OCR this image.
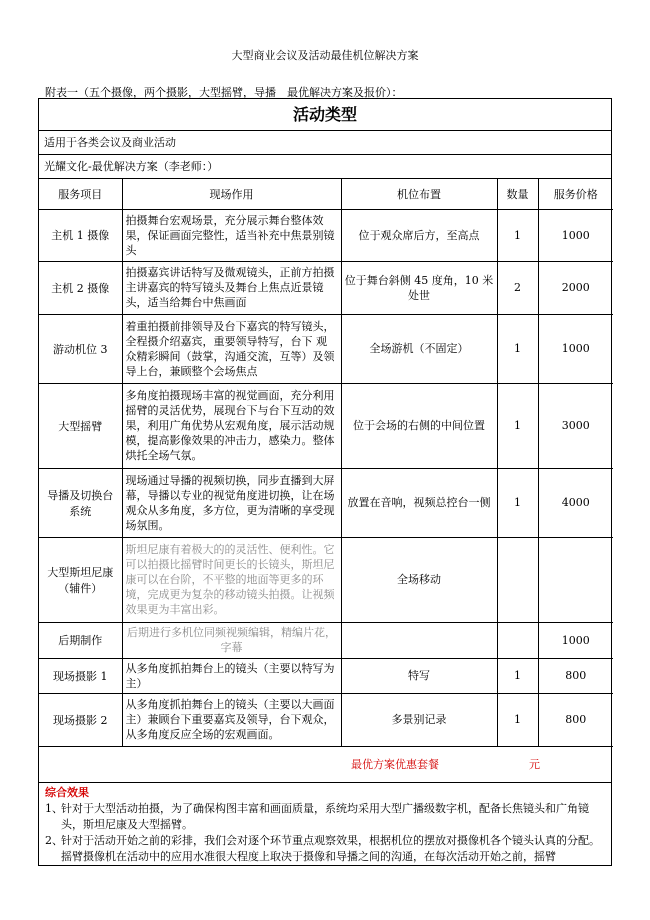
大型商业会议及活动最佳机位解决方案
附表一（五个摄像，两个摄影，大型摇臂，导播　最优解决方案及报价）：
活动类型
适用于各类会议及商业活动
光耀文化-最优解决方案（李老师：）
服务项目	现场作用	机位布置	数量	服务价格
主机 1 摄像	拍摄舞台宏观场景，充分展示舞台整体效果，保证画面完整性，适当补充中焦景别镜头	位于观众席后方，至高点	1	1000
主机 2 摄像	拍摄嘉宾讲话特写及微观镜头，正前方拍摄主讲嘉宾的特写镜头及舞台上焦点近景镜头，适当给舞台中焦画面	位于舞台斜侧 45 度角，10 米处世	2	2000
游动机位 3	着重拍摄前排领导及台下嘉宾的特写镜头，全程摄介绍嘉宾，重要领导特写，台下 观众精彩瞬间（鼓掌，沟通交流，互等）及领导上台，兼顾整个会场焦点	全场游机（不固定）	1	1000
大型摇臂	多角度拍摄现场丰富的视觉画面，充分利用摇臂的灵活优势，展现台下与台下互动的效果，利用广角优势从宏观角度，展示活动规模，提高影像效果的冲击力，感染力。整体烘托全场气氛。	位于会场的右侧的中间位置	1	3000
导播及切换台系统	现场通过导播的视频切换，同步直播到大屏幕，导播以专业的视觉角度进切换，让在场观众从多角度，多方位，更为清晰的享受现场氛围。	放置在音响，视频总控台一侧	1	4000
大型斯坦尼康（辅件）	斯坦尼康有着极大的的灵活性、便利性。它可以拍摄比摇臂时间更长的长镜头，斯坦尼康可以在台阶，不平整的地面等更多的环境，完成更为复杂的移动镜头拍摄。让视频效果更为丰富出彩。	全场移动		
后期制作	后期进行多机位同频视频编辑，精编片花，字幕			1000
现场摄影 1	从多角度抓拍舞台上的镜头（主要以特写为主）	特写	1	800
现场摄影 2	从多角度抓拍舞台上的镜头（主要以大画面主）兼顾台下重要嘉宾及领导，台下观众，从多角度反应全场的宏观画面。	多景别记录	1	800
最优方案优惠套餐	元
综合效果
1、
针对于大型活动拍摄，为了确保构图丰富和画面质量，系统均采用大型广播级数字机，配备长焦镜头和广角镜头，斯坦尼康及大型摇臂。
2、
针对于活动开始之前的彩排，我们会对逐个环节重点观察效果，根据机位的摆放对摄像机各个镜头认真的分配。摇臂摄像机在活动中的应用水准很大程度上取决于摄像和导播之间的沟通，在每次活动开始之前，摇臂
